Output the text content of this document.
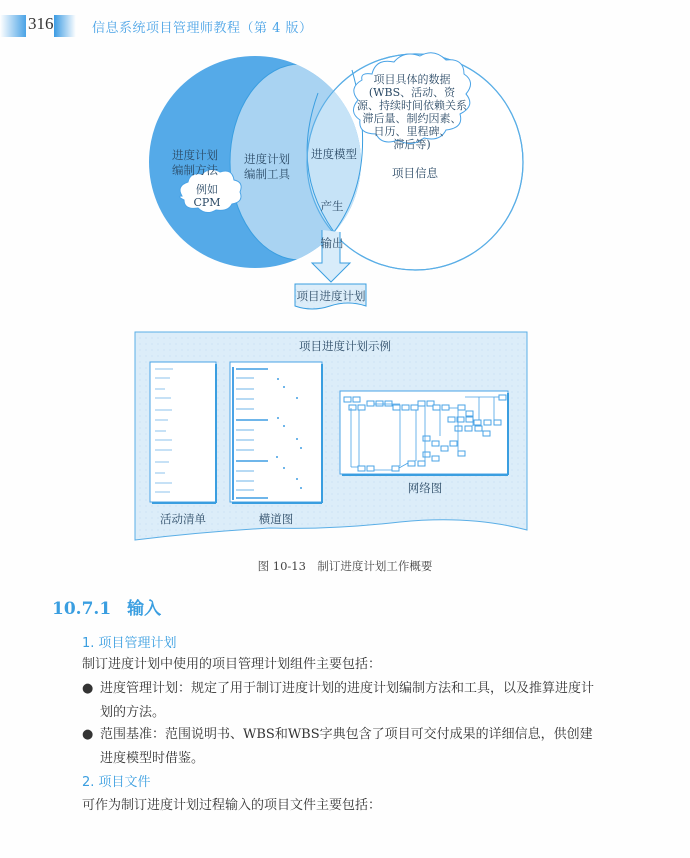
316	信息系统项目管理师教程（第 4 版）
进度计划
编制方法
例如
CPM
进度计划
编制工具
进度模型
产生
输出
项目信息
项目具体的数据
(WBS、活动、资
源、持续时间依赖关系
滞后量、制约因素、
日历、里程碑、
滞后等)
项目进度计划
项目进度计划示例
活动清单	横道图
网络图
图 10-13　制订进度计划工作概要
10.7.1 输入
1. 项目管理计划
制订进度计划中使用的项目管理计划组件主要包括：
● 进度管理计划：规定了用于制订进度计划的进度计划编制方法和工具，以及推算进度计
划的方法。
● 范围基准：范围说明书、WBS和WBS字典包含了项目可交付成果的详细信息，供创建
进度模型时借鉴。
2. 项目文件
可作为制订进度计划过程输入的项目文件主要包括：
